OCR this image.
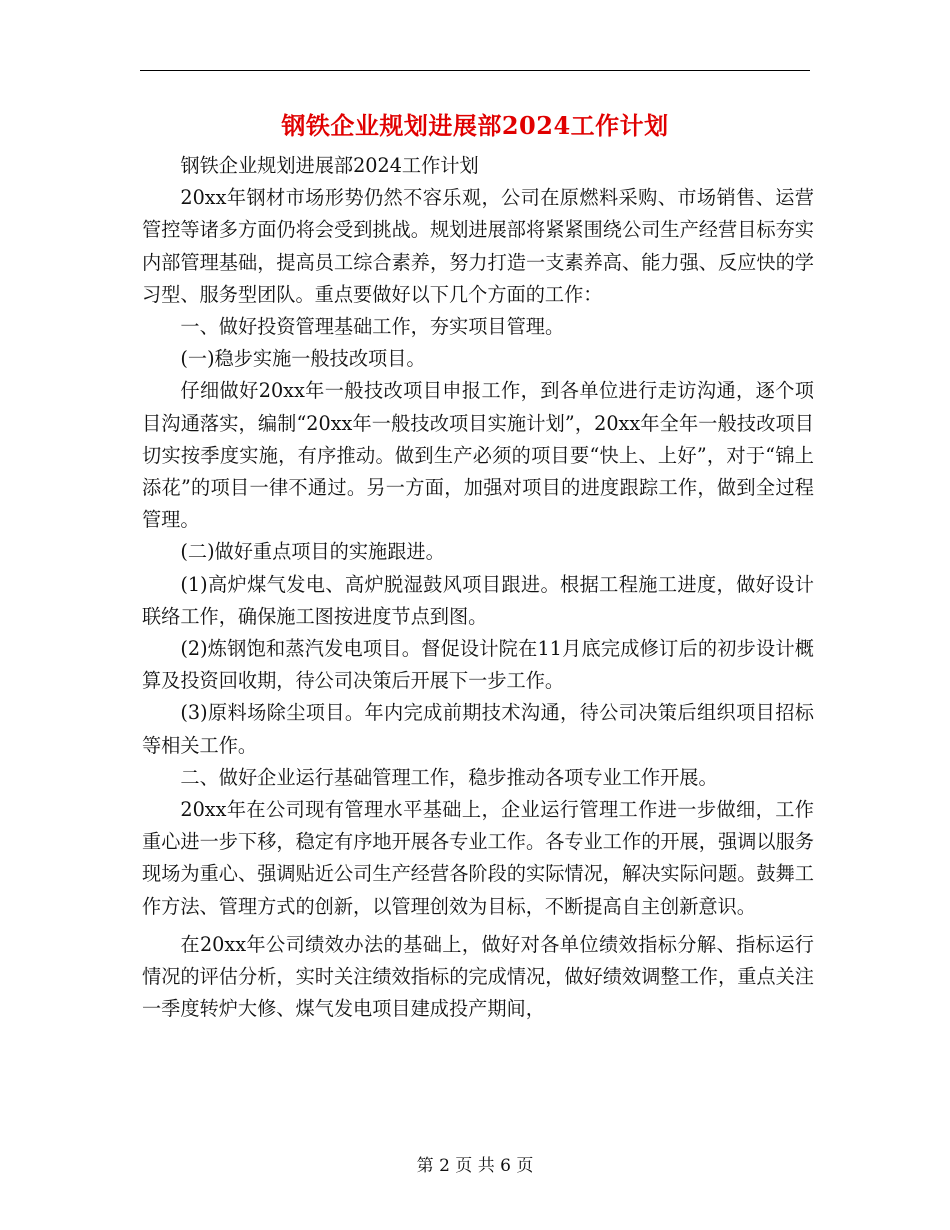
钢铁企业规划进展部2024工作计划

钢铁企业规划进展部2024工作计划

20xx年钢材市场形势仍然不容乐观，公司在原燃料采购、市场销售、运营管控等诸多方面仍将会受到挑战。规划进展部将紧紧围绕公司生产经营目标夯实内部管理基础，提高员工综合素养，努力打造一支素养高、能力强、反应快的学习型、服务型团队。重点要做好以下几个方面的工作：

一、做好投资管理基础工作，夯实项目管理。

(一)稳步实施一般技改项目。

仔细做好20xx年一般技改项目申报工作，到各单位进行走访沟通，逐个项目沟通落实，编制“20xx年一般技改项目实施计划”，20xx年全年一般技改项目切实按季度实施，有序推动。做到生产必须的项目要“快上、上好”，对于“锦上添花”的项目一律不通过。另一方面，加强对项目的进度跟踪工作，做到全过程管理。

(二)做好重点项目的实施跟进。

(1)高炉煤气发电、高炉脱湿鼓风项目跟进。根据工程施工进度，做好设计联络工作，确保施工图按进度节点到图。

(2)炼钢饱和蒸汽发电项目。督促设计院在11月底完成修订后的初步设计概算及投资回收期，待公司决策后开展下一步工作。

(3)原料场除尘项目。年内完成前期技术沟通，待公司决策后组织项目招标等相关工作。

二、做好企业运行基础管理工作，稳步推动各项专业工作开展。

20xx年在公司现有管理水平基础上，企业运行管理工作进一步做细，工作重心进一步下移，稳定有序地开展各专业工作。各专业工作的开展，强调以服务现场为重心、强调贴近公司生产经营各阶段的实际情况，解决实际问题。鼓舞工作方法、管理方式的创新，以管理创效为目标，不断提高自主创新意识。

在20xx年公司绩效办法的基础上，做好对各单位绩效指标分解、指标运行情况的评估分析，实时关注绩效指标的完成情况，做好绩效调整工作，重点关注一季度转炉大修、煤气发电项目建成投产期间，

第 2 页 共 6 页
